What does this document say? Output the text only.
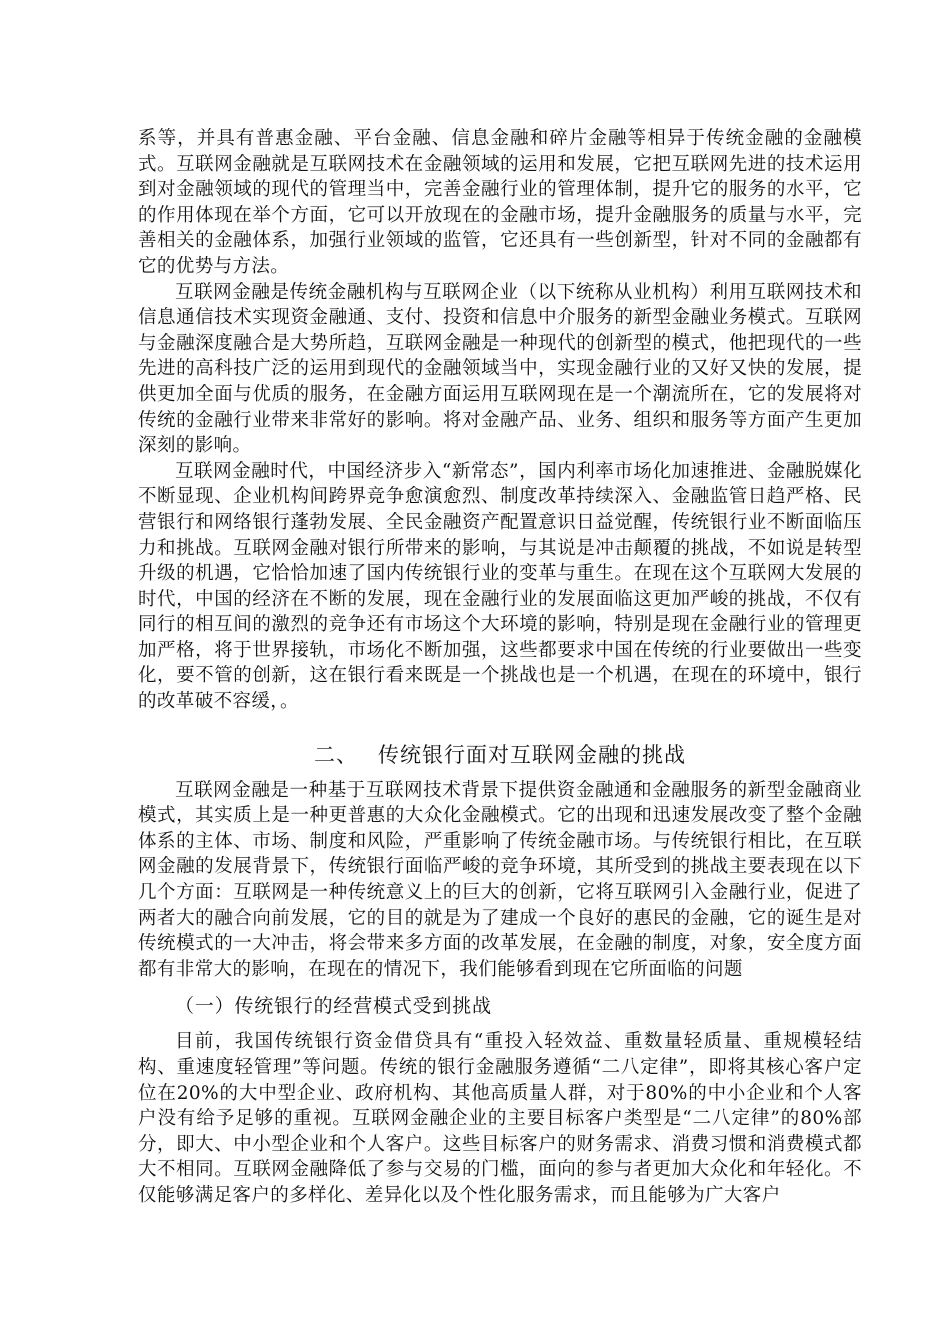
系等，并具有普惠金融、平台金融、信息金融和碎片金融等相异于传统金融的金融模式。互联网金融就是互联网技术在金融领域的运用和发展，它把互联网先进的技术运用到对金融领域的现代的管理当中，完善金融行业的管理体制，提升它的服务的水平，它的作用体现在举个方面，它可以开放现在的金融市场，提升金融服务的质量与水平，完善相关的金融体系，加强行业领域的监管，它还具有一些创新型，针对不同的金融都有它的优势与方法。

互联网金融是传统金融机构与互联网企业（以下统称从业机构）利用互联网技术和信息通信技术实现资金融通、支付、投资和信息中介服务的新型金融业务模式。互联网与金融深度融合是大势所趋，互联网金融是一种现代的创新型的模式，他把现代的一些先进的高科技广泛的运用到现代的金融领域当中，实现金融行业的又好又快的发展，提供更加全面与优质的服务，在金融方面运用互联网现在是一个潮流所在，它的发展将对传统的金融行业带来非常好的影响。将对金融产品、业务、组织和服务等方面产生更加深刻的影响。

互联网金融时代，中国经济步入“新常态”，国内利率市场化加速推进、金融脱媒化不断显现、企业机构间跨界竞争愈演愈烈、制度改革持续深入、金融监管日趋严格、民营银行和网络银行蓬勃发展、全民金融资产配置意识日益觉醒，传统银行业不断面临压力和挑战。互联网金融对银行所带来的影响，与其说是冲击颠覆的挑战，不如说是转型升级的机遇，它恰恰加速了国内传统银行业的变革与重生。在现在这个互联网大发展的时代，中国的经济在不断的发展，现在金融行业的发展面临这更加严峻的挑战，不仅有同行的相互间的激烈的竞争还有市场这个大环境的影响，特别是现在金融行业的管理更加严格，将于世界接轨，市场化不断加强，这些都要求中国在传统的行业要做出一些变化，要不管的创新，这在银行看来既是一个挑战也是一个机遇，在现在的环境中，银行的改革破不容缓，。

二、 传统银行面对互联网金融的挑战

互联网金融是一种基于互联网技术背景下提供资金融通和金融服务的新型金融商业模式，其实质上是一种更普惠的大众化金融模式。它的出现和迅速发展改变了整个金融体系的主体、市场、制度和风险，严重影响了传统金融市场。与传统银行相比，在互联网金融的发展背景下，传统银行面临严峻的竞争环境，其所受到的挑战主要表现在以下几个方面：互联网是一种传统意义上的巨大的创新，它将互联网引入金融行业，促进了两者大的融合向前发展，它的目的就是为了建成一个良好的惠民的金融，它的诞生是对传统模式的一大冲击，将会带来多方面的改革发展，在金融的制度，对象，安全度方面都有非常大的影响，在现在的情况下，我们能够看到现在它所面临的问题

（一）传统银行的经营模式受到挑战

目前，我国传统银行资金借贷具有“重投入轻效益、重数量轻质量、重规模轻结构、重速度轻管理”等问题。传统的银行金融服务遵循“二八定律”，即将其核心客户定位在20%的大中型企业、政府机构、其他高质量人群，对于80%的中小企业和个人客户没有给予足够的重视。互联网金融企业的主要目标客户类型是“二八定律”的80%部分，即大、中小型企业和个人客户。这些目标客户的财务需求、消费习惯和消费模式都大不相同。互联网金融降低了参与交易的门槛，面向的参与者更加大众化和年轻化。不仅能够满足客户的多样化、差异化以及个性化服务需求，而且能够为广大客户
